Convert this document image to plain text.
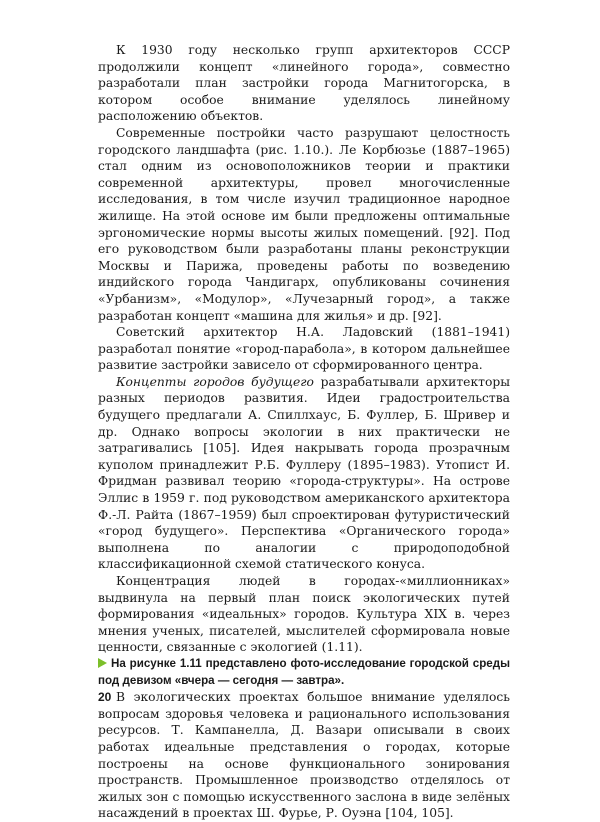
К 1930 году несколько групп архитекторов СССР продолжили концепт «линейного города», совместно разработали план застройки города Магнитогорска, в котором особое внимание уделялось линейному расположению объектов.

Современные постройки часто разрушают целостность городского ландшафта (рис. 1.10.). Ле Корбюзье (1887–1965) стал одним из основоположников теории и практики современной архитектуры, провел многочисленные исследования, в том числе изучил традиционное народное жилище. На этой основе им были предложены оптимальные эргономические нормы высоты жилых помещений. [92]. Под его руководством были разработаны планы реконструкции Москвы и Парижа, проведены работы по возведению индийского города Чандигарх, опубликованы сочинения «Урбанизм», «Модулор», «Лучезарный город», а также разработан концепт «машина для жилья» и др. [92].

Советский архитектор Н.А. Ладовский (1881–1941) разработал понятие «город-парабола», в котором дальнейшее развитие застройки зависело от сформированного центра.

Концепты городов будущего разрабатывали архитекторы разных периодов развития. Идеи градостроительства будущего предлагали А. Спиллхаус, Б. Фуллер, Б. Шривер и др. Однако вопросы экологии в них практически не затрагивались [105]. Идея накрывать города прозрачным куполом принадлежит Р.Б. Фуллеру (1895–1983). Утопист И. Фридман развивал теорию «города-структуры». На острове Эллис в 1959 г. под руководством американского архитектора Ф.-Л. Райта (1867–1959) был спроектирован футуристический «город будущего». Перспектива «Органического города» выполнена по аналогии с природоподобной классификационной схемой статического конуса.

Концентрация людей в городах-«миллионниках» выдвинула на первый план поиск экологических путей формирования «идеальных» городов. Культура XIX в. через мнения ученых, писателей, мыслителей сформировала новые ценности, связанные с экологией (1.11).

На рисунке 1.11 представлено фото-исследование городской среды под девизом «вчера — сегодня — завтра».

В экологических проектах большое внимание уделялось вопросам здоровья человека и рационального использования ресурсов. Т. Кампанелла, Д. Вазари описывали в своих работах идеальные представления о городах, которые построены на основе функционального зонирования пространств. Промышленное производство отделялось от жилых зон с помощью искусственного заслона в виде зелёных насаждений в проектах Ш. Фурье, Р. Оуэна [104, 105].

20
